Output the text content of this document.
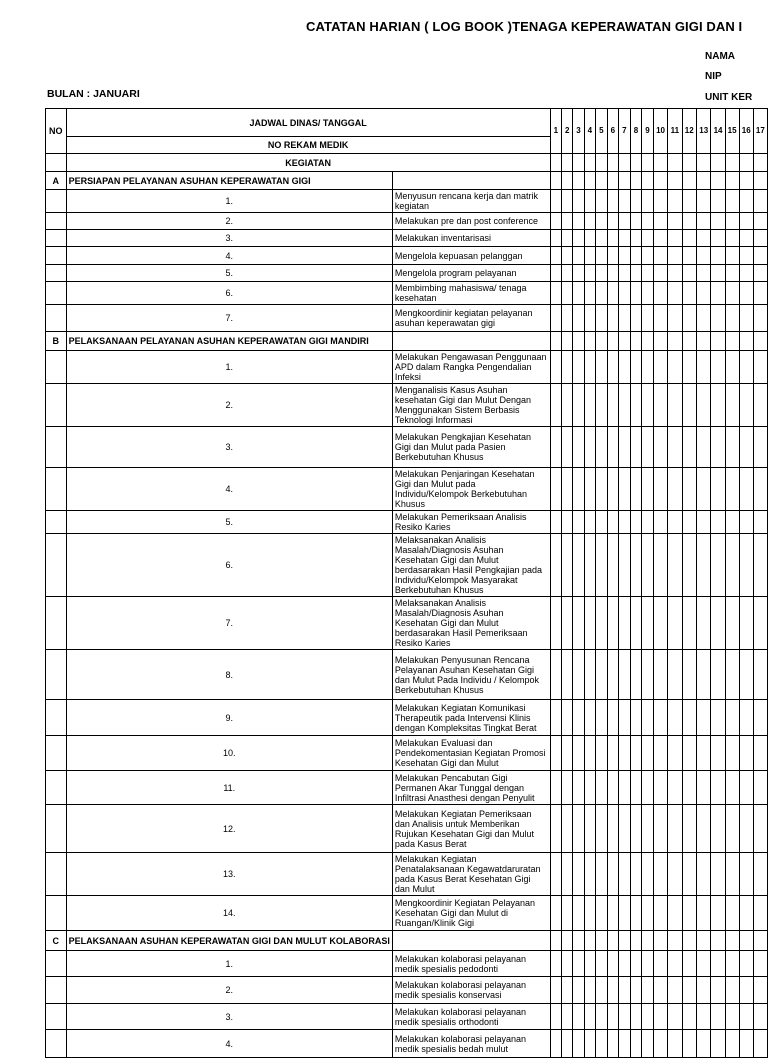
CATATAN HARIAN ( LOG BOOK )TENAGA KEPERAWATAN GIGI DAN I
NAMA
NIP
UNIT KER
BULAN : JANUARI
NO	JADWAL DINAS/ TANGGAL		1	2	3	4	5	6	7	8	9	10	11	12	13	14	15	16	17
	NO REKAM MEDIK																		
	KEGIATAN																		
A	PERSIAPAN PELAYANAN ASUHAN KEPERAWATAN GIGI																		
	1.	Menyusun rencana kerja dan matrik kegiatan																	
	2.	Melakukan pre dan post conference																	
	3.	Melakukan inventarisasi																	
	4.	Mengelola kepuasan pelanggan																	
	5.	Mengelola program pelayanan																	
	6.	Membimbing mahasiswa/ tenaga kesehatan																	
	7.	Mengkoordinir kegiatan pelayanan asuhan keperawatan gigi																	
B	PELAKSANAAN PELAYANAN ASUHAN KEPERAWATAN GIGI MANDIRI																		
	1.	Melakukan Pengawasan Penggunaan APD dalam Rangka Pengendalian Infeksi																	
	2.	Menganalisis Kasus Asuhan kesehatan Gigi dan Mulut Dengan Menggunakan Sistem Berbasis Teknologi Informasi																	
	3.	Melakukan Pengkajian Kesehatan Gigi dan Mulut pada Pasien Berkebutuhan Khusus																	
	4.	Melakukan Penjaringan Kesehatan Gigi dan Mulut pada Individu/Kelompok Berkebutuhan Khusus																	
	5.	Melakukan Pemeriksaan Analisis Resiko Karies																	
	6.	Melaksanakan Analisis Masalah/Diagnosis Asuhan Kesehatan Gigi dan Mulut berdasarakan Hasil Pengkajian pada Individu/Kelompok Masyarakat Berkebutuhan Khusus																	
	7.	Melaksanakan Analisis Masalah/Diagnosis Asuhan Kesehatan Gigi dan Mulut berdasarakan Hasil Pemeriksaan Resiko Karies																	
	8.	Melakukan Penyusunan Rencana Pelayanan Asuhan Kesehatan Gigi dan Mulut Pada Individu / Kelompok Berkebutuhan Khusus																	
	9.	Melakukan Kegiatan Komunikasi Therapeutik pada Intervensi Klinis dengan Kompleksitas Tingkat Berat																	
	10.	Melakukan Evaluasi dan Pendekomentasian Kegiatan Promosi Kesehatan Gigi dan Mulut																	
	11.	Melakukan Pencabutan Gigi Permanen Akar Tunggal dengan Infiltrasi Anasthesi dengan Penyulit																	
	12.	Melakukan Kegiatan Pemeriksaan dan Analisis untuk Memberikan Rujukan Kesehatan Gigi dan Mulut pada Kasus Berat																	
	13.	Melakukan Kegiatan Penatalaksanaan Kegawatdaruratan pada Kasus Berat Kesehatan Gigi dan Mulut																	
	14.	Mengkoordinir Kegiatan Pelayanan Kesehatan Gigi dan Mulut di Ruangan/Klinik Gigi																	
C	PELAKSANAAN ASUHAN KEPERAWATAN GIGI DAN MULUT KOLABORASI																		
	1.	Melakukan kolaborasi pelayanan medik spesialis pedodonti																	
	2.	Melakukan kolaborasi pelayanan medik spesialis konservasi																	
	3.	Melakukan kolaborasi pelayanan medik spesialis orthodonti																	
	4.	Melakukan kolaborasi pelayanan medik spesialis bedah mulut																	
